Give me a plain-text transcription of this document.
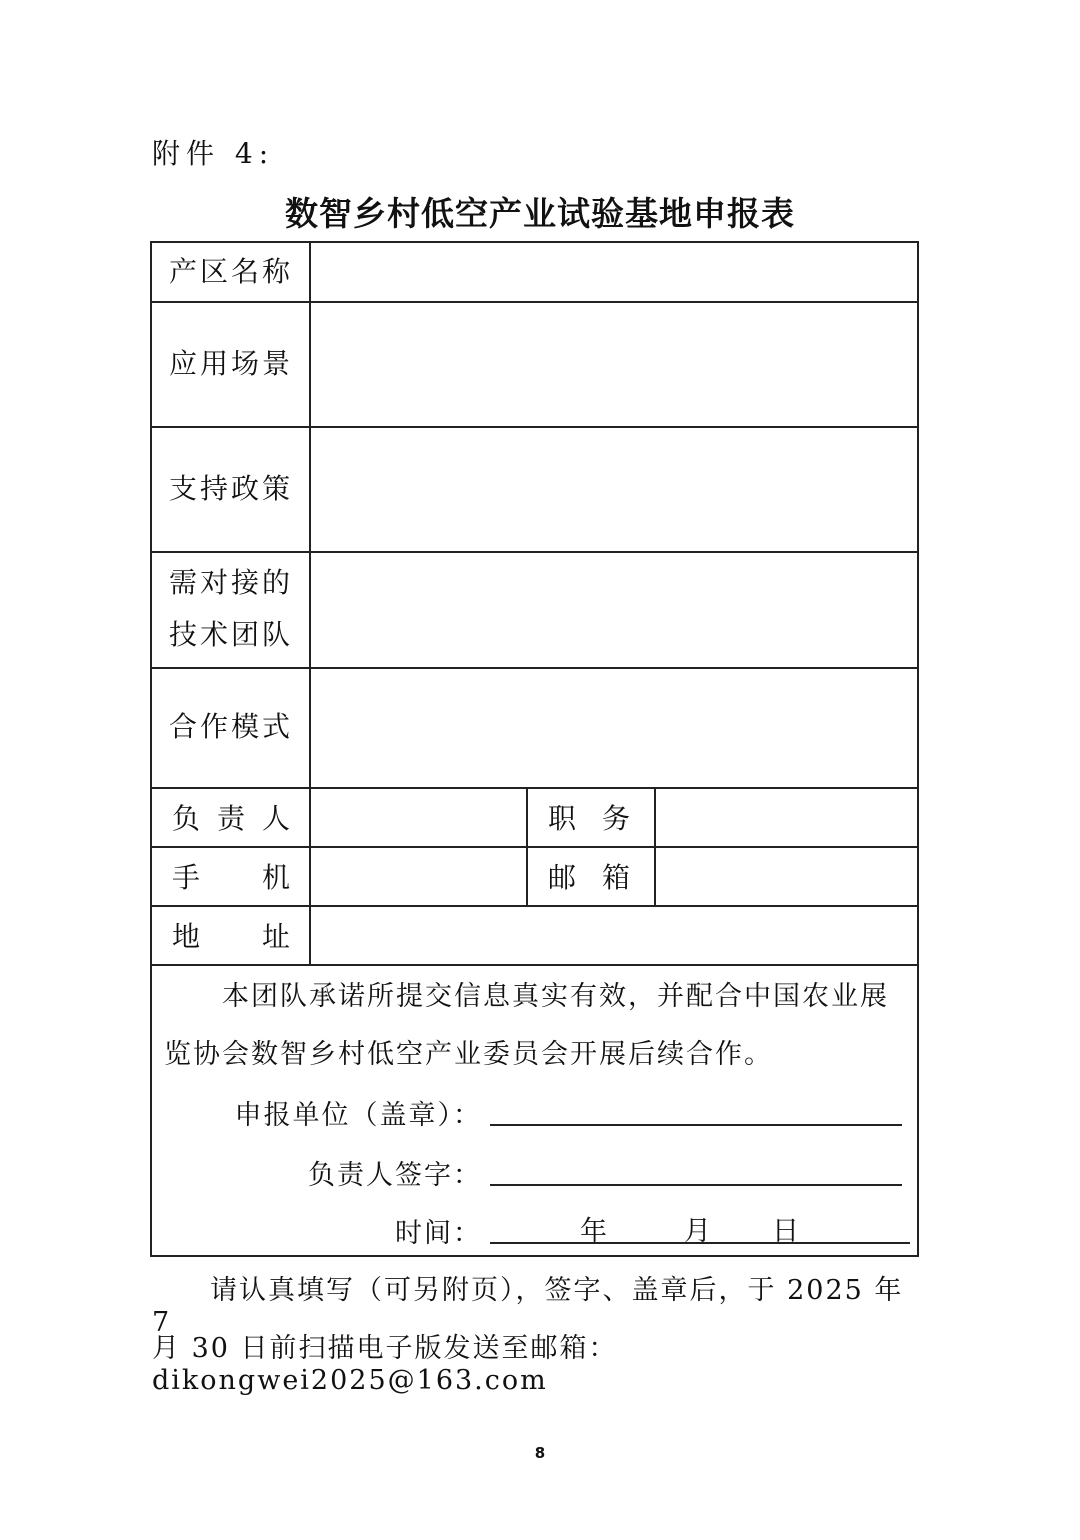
附件 4:
数智乡村低空产业试验基地申报表
产区名称
应用场景
支持政策
需对接的
技术团队
合作模式
负 责 人	职 务
手 机	邮 箱
地 址
本团队承诺所提交信息真实有效，并配合中国农业展
览协会数智乡村低空产业委员会开展后续合作。
申报单位（盖章）：
负责人签字：
时间：	年	月 日
请认真填写（可另附页），签字、盖章后，于 2025 年 7
月 30 日前扫描电子版发送至邮箱：dikongwei2025@163.com
8
